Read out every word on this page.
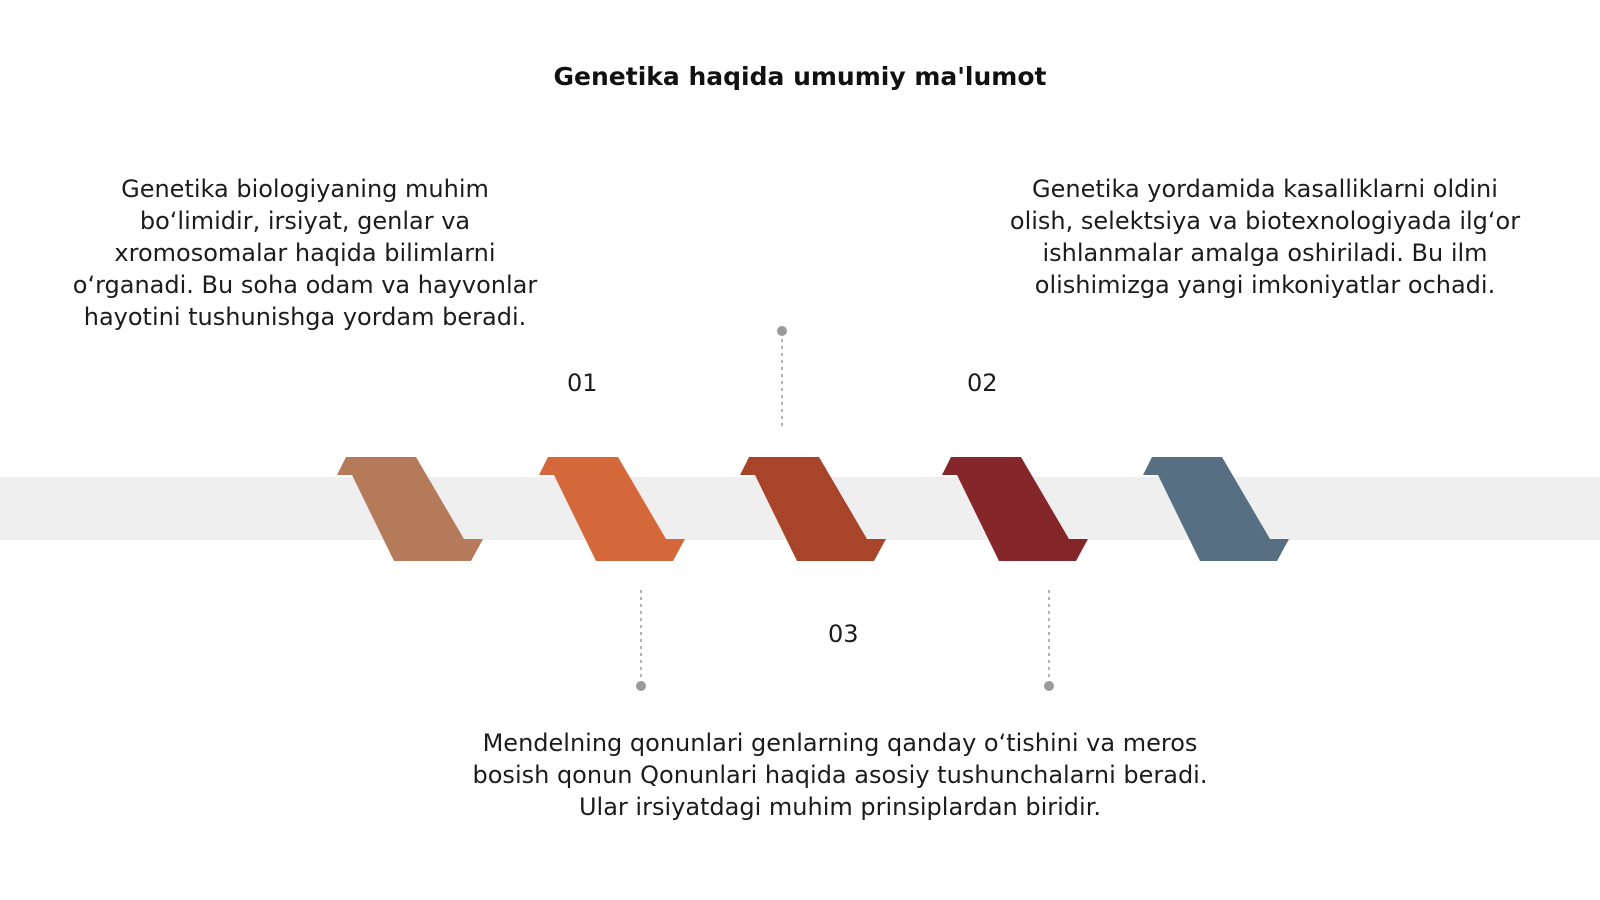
Genetika haqida umumiy ma'lumot
Genetika biologiyaning muhim bo‘limidir, irsiyat, genlar va xromosomalar haqida bilimlarni o‘rganadi. Bu soha odam va hayvonlar hayotini tushunishga yordam beradi.
Genetika yordamida kasalliklarni oldini olish, selektsiya va biotexnologiyada ilg‘or ishlanmalar amalga oshiriladi. Bu ilm olishimizga yangi imkoniyatlar ochadi.
Mendelning qonunlari genlarning qanday o‘tishini va meros bosish qonun Qonunlari haqida asosiy tushunchalarni beradi. Ular irsiyatdagi muhim prinsiplardan biridir.
01	02
03
